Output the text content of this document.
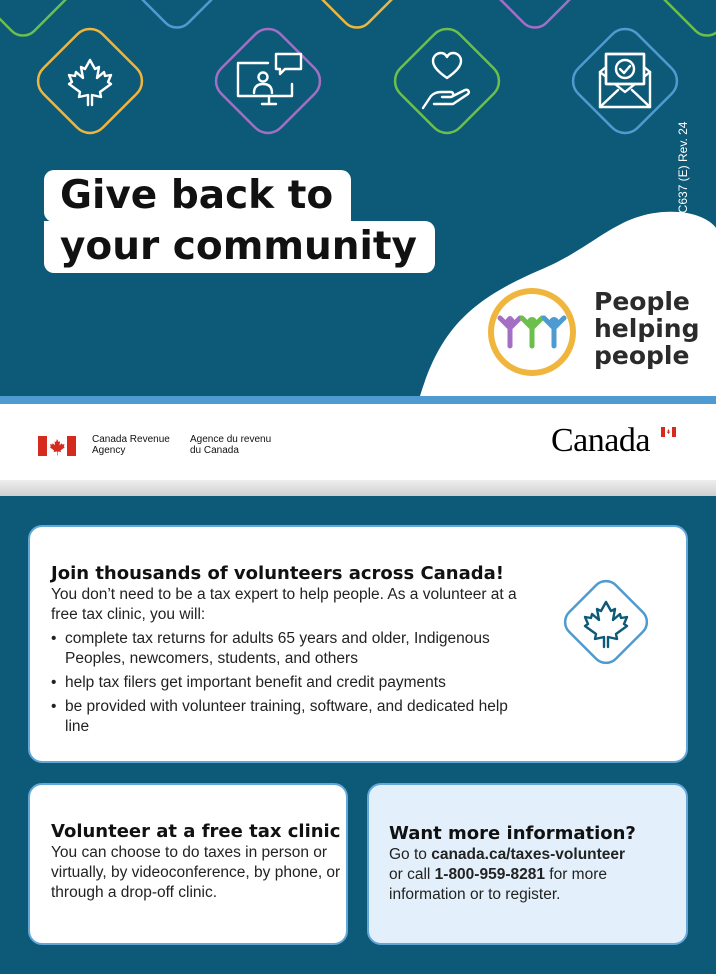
Give back to
your community
RC637 (E) Rev. 24
People
helping
people
Canada Revenue
Agency
Agence du revenu
du Canada	Canada
Join thousands of volunteers across Canada!

You don’t need to be a tax expert to help people. As a volunteer at a free tax clinic, you will:

• complete tax returns for adults 65 years and older, Indigenous Peoples, newcomers, students, and others
• help tax filers get important benefit and credit payments
• be provided with volunteer training, software, and dedicated help line
Volunteer at a free tax clinic

You can choose to do taxes in person or virtually, by videoconference, by phone, or through a drop-off clinic.

Want more information?

Go to canada.ca/taxes-volunteer
or call 1-800-959-8281 for more information or to register.
